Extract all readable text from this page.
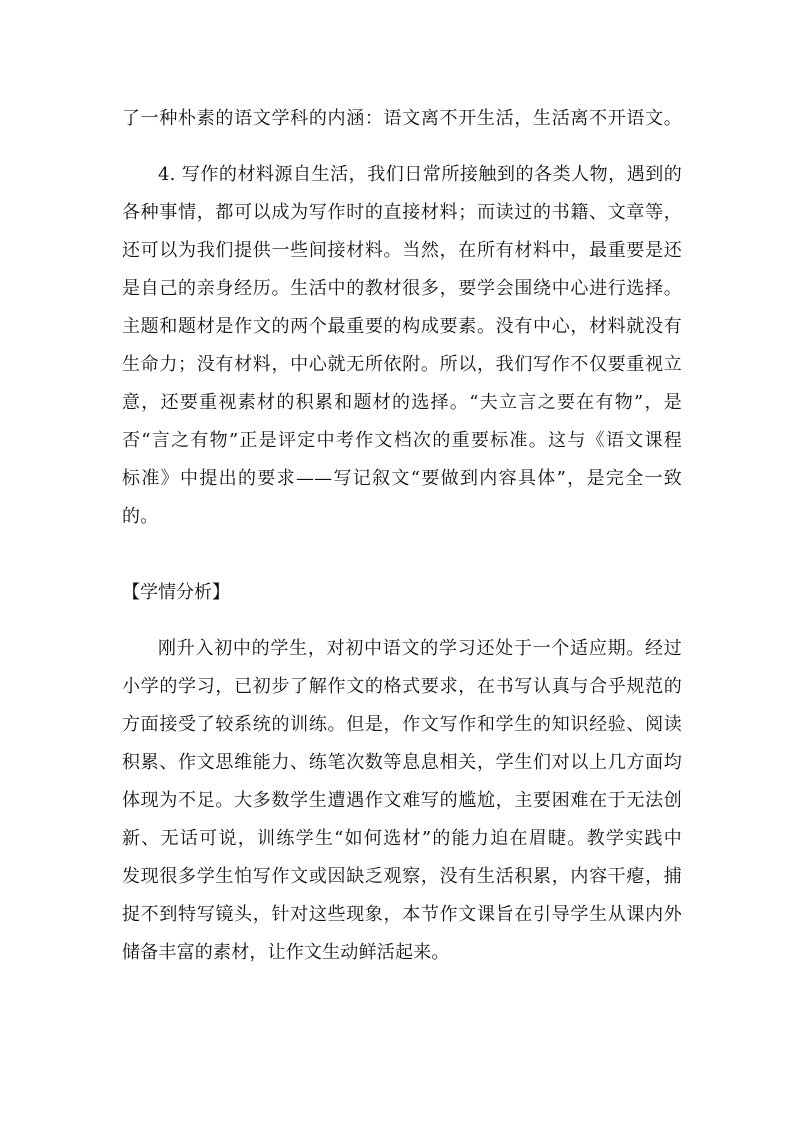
了一种朴素的语文学科的内涵：语文离不开生活，生活离不开语文。
4. 写作的材料源自生活，我们日常所接触到的各类人物，遇到的
各种事情，都可以成为写作时的直接材料；而读过的书籍、文章等，
还可以为我们提供一些间接材料。当然，在所有材料中，最重要是还
是自己的亲身经历。生活中的教材很多，要学会围绕中心进行选择。
主题和题材是作文的两个最重要的构成要素。没有中心，材料就没有
生命力；没有材料，中心就无所依附。所以，我们写作不仅要重视立
意，还要重视素材的积累和题材的选择。“夫立言之要在有物”，是
否“言之有物”正是评定中考作文档次的重要标准。这与《语文课程
标准》中提出的要求——写记叙文“要做到内容具体”，是完全一致
的。
【学情分析】
刚升入初中的学生，对初中语文的学习还处于一个适应期。经过
小学的学习，已初步了解作文的格式要求，在书写认真与合乎规范的
方面接受了较系统的训练。但是，作文写作和学生的知识经验、阅读
积累、作文思维能力、练笔次数等息息相关，学生们对以上几方面均
体现为不足。大多数学生遭遇作文难写的尴尬，主要困难在于无法创
新、无话可说，训练学生“如何选材”的能力迫在眉睫。教学实践中
发现很多学生怕写作文或因缺乏观察，没有生活积累，内容干瘪，捕
捉不到特写镜头，针对这些现象，本节作文课旨在引导学生从课内外
储备丰富的素材，让作文生动鲜活起来。
